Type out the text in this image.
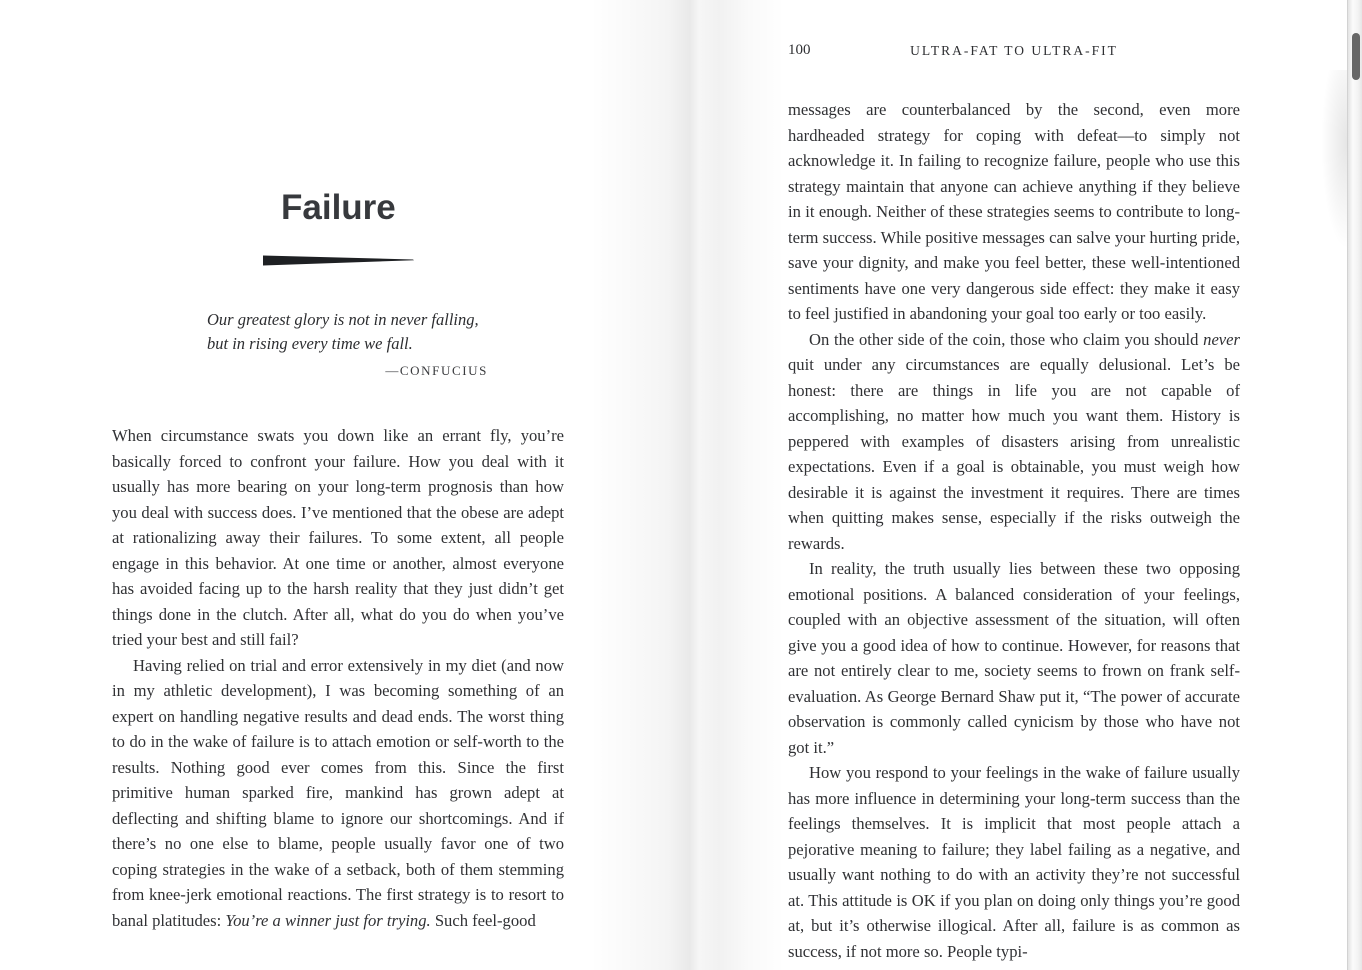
Failure
Our greatest glory is not in never falling,
but in rising every time we fall.
—CONFUCIUS

When circumstance swats you down like an errant fly, you’re basically forced to confront your failure. How you deal with it usually has more bearing on your long-term prognosis than how you deal with success does. I’ve mentioned that the obese are adept at rationalizing away their failures. To some extent, all people engage in this behavior. At one time or another, almost everyone has avoided facing up to the harsh reality that they just didn’t get things done in the clutch. After all, what do you do when you’ve tried your best and still fail?

Having relied on trial and error extensively in my diet (and now in my athletic development), I was becoming something of an expert on handling negative results and dead ends. The worst thing to do in the wake of failure is to attach emotion or self-worth to the results. Nothing good ever comes from this. Since the first primitive human sparked fire, mankind has grown adept at deflecting and shifting blame to ignore our shortcomings. And if there’s no one else to blame, people usually favor one of two coping strategies in the wake of a setback, both of them stemming from knee-jerk emotional reactions. The first strategy is to resort to banal platitudes: You’re a winner just for trying. Such feel-good

100	ULTRA-FAT TO ULTRA-FIT

messages are counterbalanced by the second, even more hardheaded strategy for coping with defeat—to simply not acknowledge it. In failing to recognize failure, people who use this strategy maintain that anyone can achieve anything if they believe in it enough. Neither of these strategies seems to contribute to long-term success. While positive messages can salve your hurting pride, save your dignity, and make you feel better, these well-intentioned sentiments have one very dangerous side effect: they make it easy to feel justified in abandoning your goal too early or too easily.

On the other side of the coin, those who claim you should never quit under any circumstances are equally delusional. Let’s be honest: there are things in life you are not capable of accomplishing, no matter how much you want them. History is peppered with examples of disasters arising from unrealistic expectations. Even if a goal is obtainable, you must weigh how desirable it is against the investment it requires. There are times when quitting makes sense, especially if the risks outweigh the rewards.

In reality, the truth usually lies between these two opposing emotional positions. A balanced consideration of your feelings, coupled with an objective assessment of the situation, will often give you a good idea of how to continue. However, for reasons that are not entirely clear to me, society seems to frown on frank self-evaluation. As George Bernard Shaw put it, “The power of accurate observation is commonly called cynicism by those who have not got it.”

How you respond to your feelings in the wake of failure usually has more influence in determining your long-term success than the feelings themselves. It is implicit that most people attach a pejorative meaning to failure; they label failing as a negative, and usually want nothing to do with an activity they’re not successful at. This attitude is OK if you plan on doing only things you’re good at, but it’s otherwise illogical. After all, failure is as common as success, if not more so. People typi-
